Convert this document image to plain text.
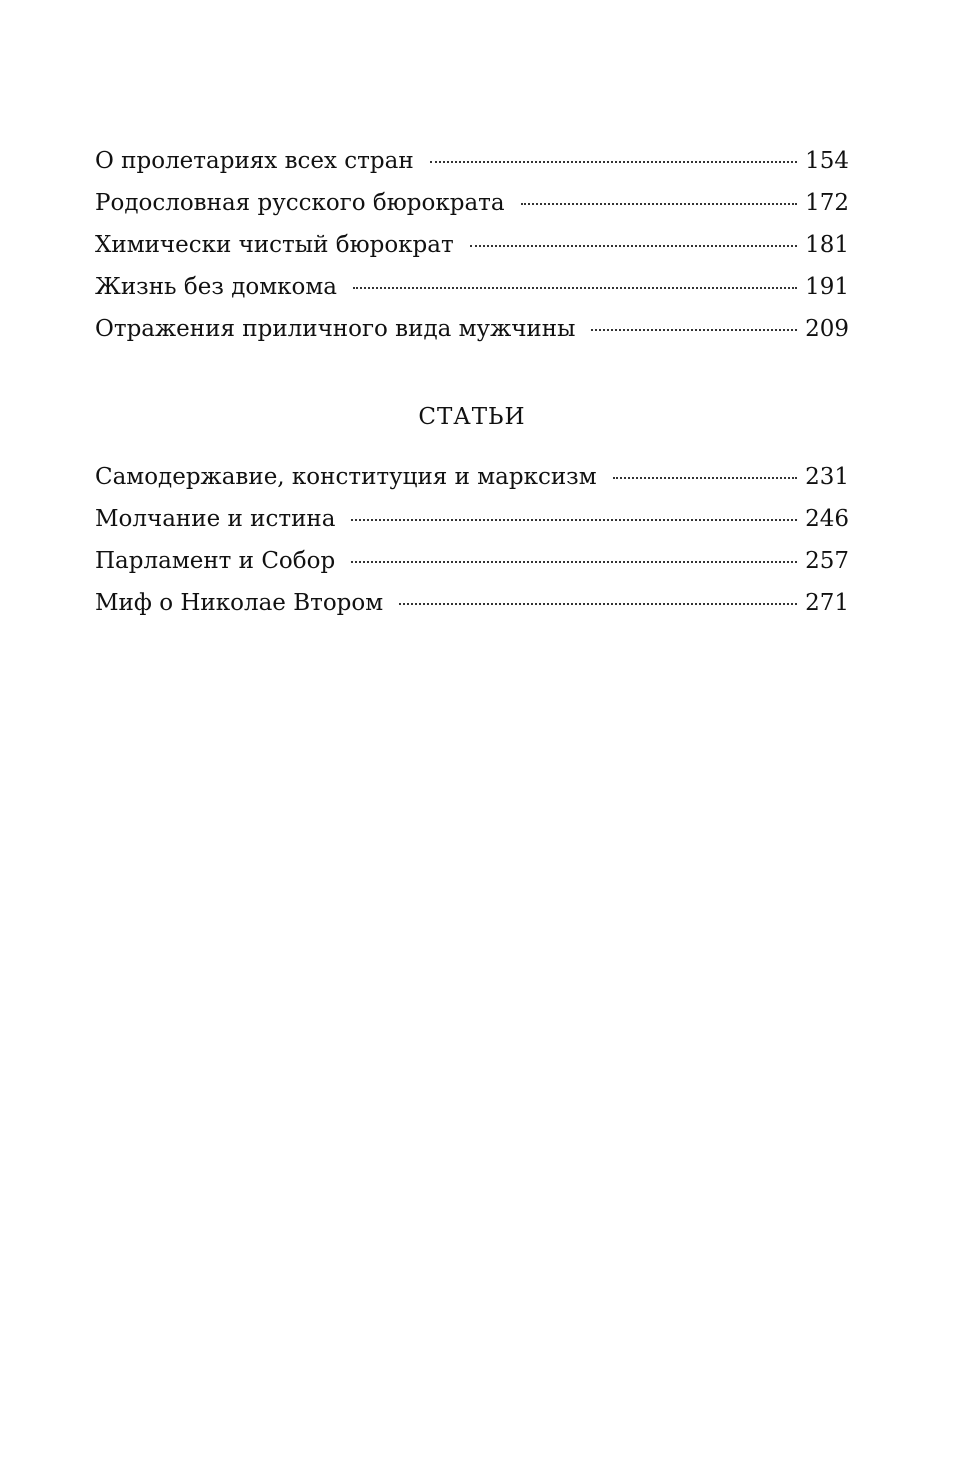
О пролетариях всех стран	154
Родословная русского бюрократа	172
Химически чистый бюрократ	181
Жизнь без домкома	191
Отражения приличного вида мужчины	209
СТАТЬИ
Самодержавие, конституция и марксизм	231
Молчание и истина	246
Парламент и Собор	257
Миф о Николае Втором	271
